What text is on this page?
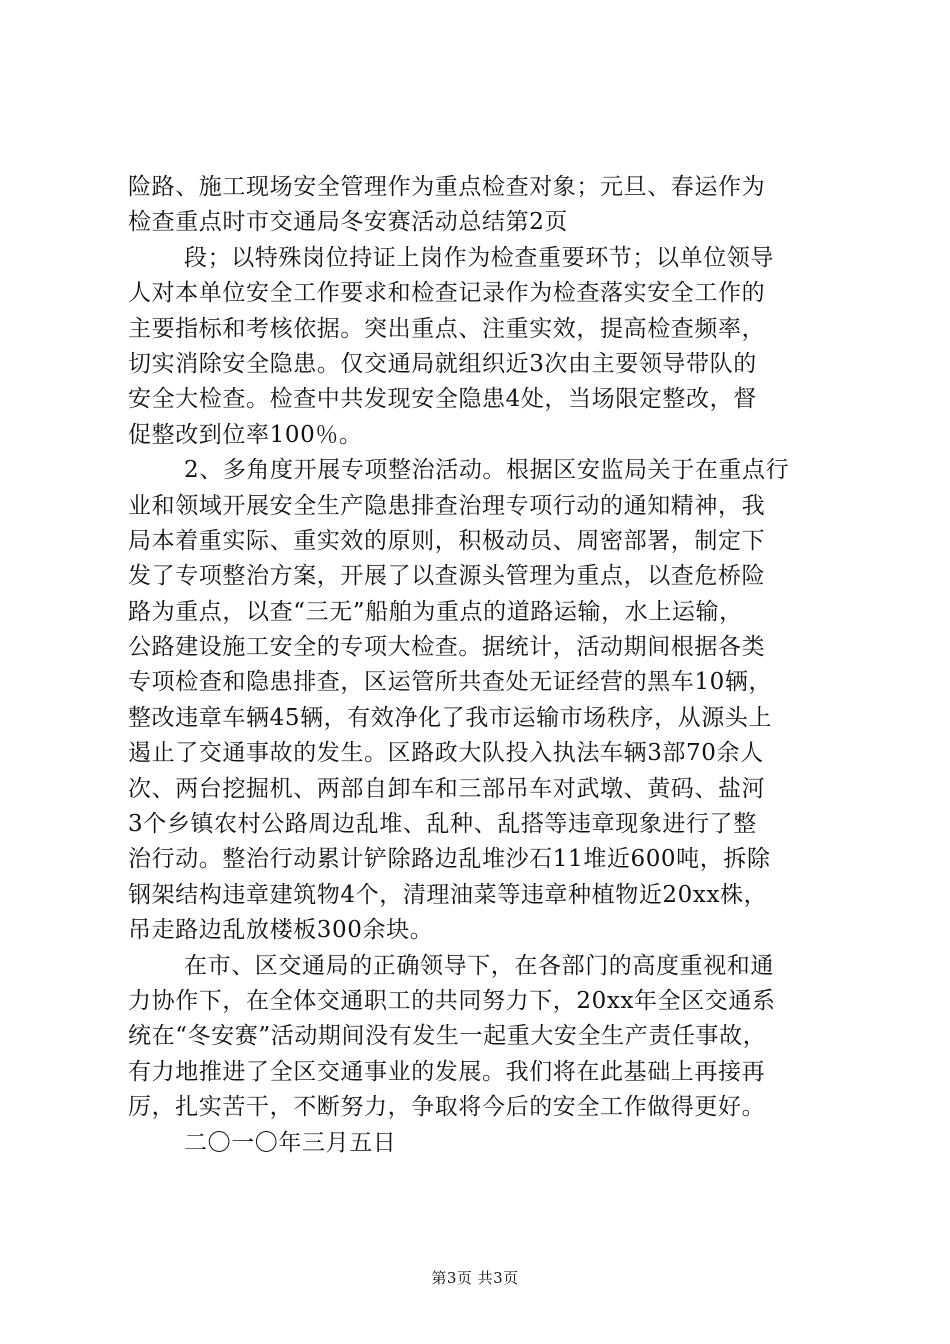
险路、施工现场安全管理作为重点检查对象；元旦、春运作为
检查重点时市交通局冬安赛活动总结第2页
段；以特殊岗位持证上岗作为检查重要环节；以单位领导
人对本单位安全工作要求和检查记录作为检查落实安全工作的
主要指标和考核依据。突出重点、注重实效，提高检查频率，
切实消除安全隐患。仅交通局就组织近3次由主要领导带队的
安全大检查。检查中共发现安全隐患4处，当场限定整改，督
促整改到位率100％。
2、多角度开展专项整治活动。根据区安监局关于在重点行
业和领域开展安全生产隐患排查治理专项行动的通知精神，我
局本着重实际、重实效的原则，积极动员、周密部署，制定下
发了专项整治方案，开展了以查源头管理为重点，以查危桥险
路为重点，以查“三无”船舶为重点的道路运输，水上运输，
公路建设施工安全的专项大检查。据统计，活动期间根据各类
专项检查和隐患排查，区运管所共查处无证经营的黑车10辆，
整改违章车辆45辆，有效净化了我市运输市场秩序，从源头上
遏止了交通事故的发生。区路政大队投入执法车辆3部70余人
次、两台挖掘机、两部自卸车和三部吊车对武墩、黄码、盐河
3个乡镇农村公路周边乱堆、乱种、乱搭等违章现象进行了整
治行动。整治行动累计铲除路边乱堆沙石11堆近600吨，拆除
钢架结构违章建筑物4个，清理油菜等违章种植物近20xx株，
吊走路边乱放楼板300余块。
在市、区交通局的正确领导下，在各部门的高度重视和通
力协作下，在全体交通职工的共同努力下，20xx年全区交通系
统在“冬安赛”活动期间没有发生一起重大安全生产责任事故，
有力地推进了全区交通事业的发展。我们将在此基础上再接再
厉，扎实苦干，不断努力，争取将今后的安全工作做得更好。
二〇一〇年三月五日
第3页 共3页
